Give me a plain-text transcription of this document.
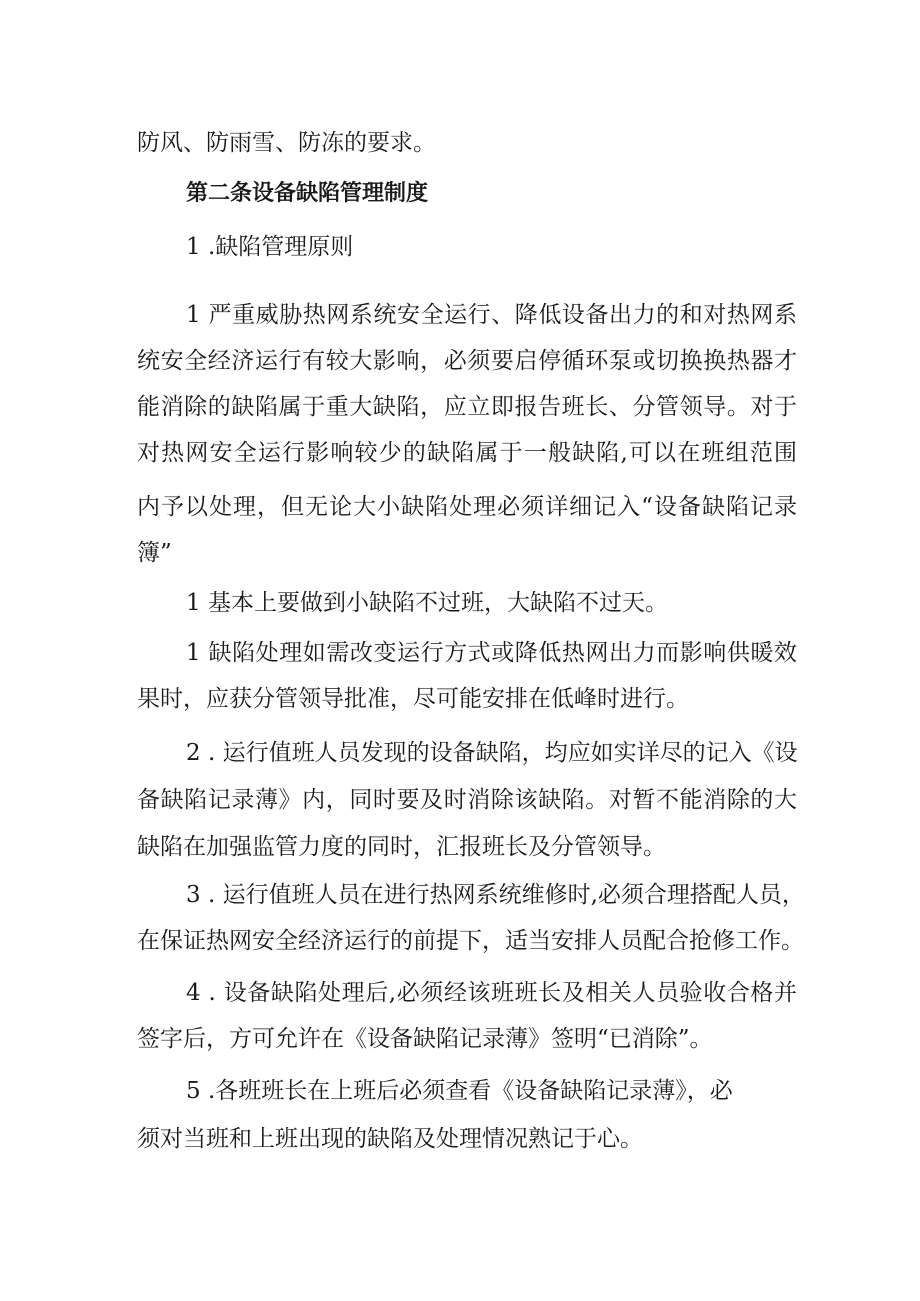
防风、防雨雪、防冻的要求。
第二条设备缺陷管理制度
1 .缺陷管理原则
1 严重威胁热网系统安全运行、降低设备出力的和对热网系
统安全经济运行有较大影响，必须要启停循环泵或切换换热器才
能消除的缺陷属于重大缺陷，应立即报告班长、分管领导。对于
对热网安全运行影响较少的缺陷属于一般缺陷,可以在班组范围
内予以处理，但无论大小缺陷处理必须详细记入“设备缺陷记录
簿”
1 基本上要做到小缺陷不过班，大缺陷不过天。
1 缺陷处理如需改变运行方式或降低热网出力而影响供暖效
果时，应获分管领导批准，尽可能安排在低峰时进行。
2 . 运行值班人员发现的设备缺陷，均应如实详尽的记入《设
备缺陷记录薄》内，同时要及时消除该缺陷。对暂不能消除的大
缺陷在加强监管力度的同时，汇报班长及分管领导。
3 . 运行值班人员在进行热网系统维修时,必须合理搭配人员，
在保证热网安全经济运行的前提下，适当安排人员配合抢修工作。
4 . 设备缺陷处理后,必须经该班班长及相关人员验收合格并
签字后，方可允许在《设备缺陷记录薄》签明“已消除”。
5 .各班班长在上班后必须查看《设备缺陷记录薄》，必
须对当班和上班出现的缺陷及处理情况熟记于心。
